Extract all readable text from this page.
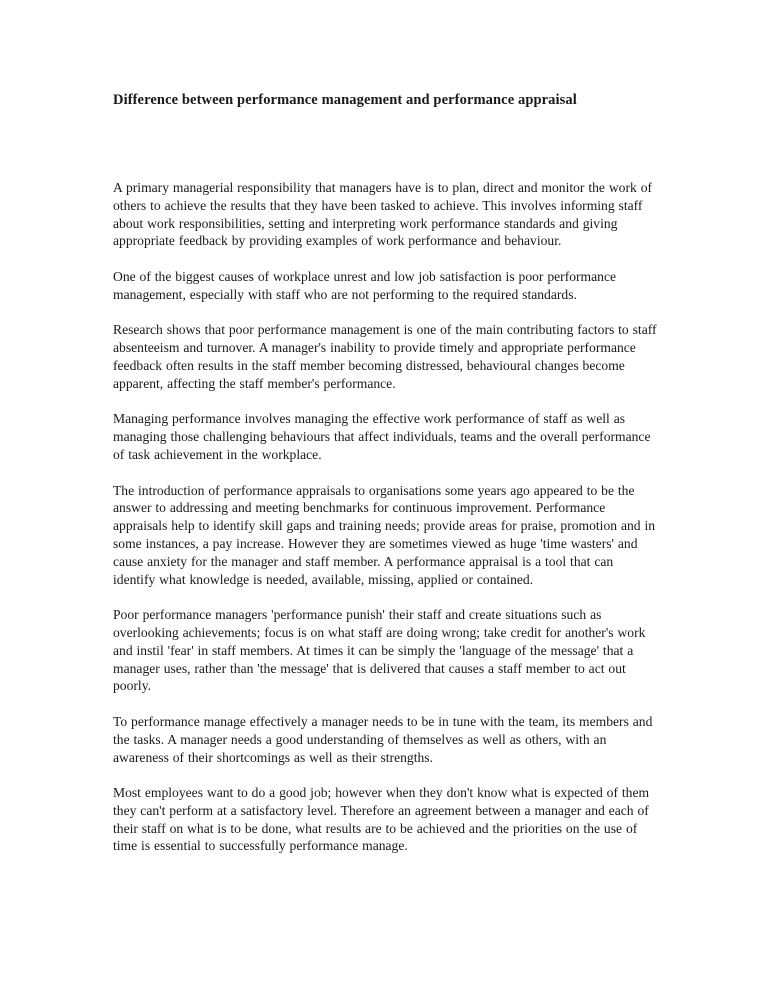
Difference between performance management and performance appraisal

A primary managerial responsibility that managers have is to plan, direct and monitor the work of others to achieve the results that they have been tasked to achieve. This involves informing staff about work responsibilities, setting and interpreting work performance standards and giving appropriate feedback by providing examples of work performance and behaviour.

One of the biggest causes of workplace unrest and low job satisfaction is poor performance management, especially with staff who are not performing to the required standards.

Research shows that poor performance management is one of the main contributing factors to staff absenteeism and turnover. A manager's inability to provide timely and appropriate performance feedback often results in the staff member becoming distressed, behavioural changes become apparent, affecting the staff member's performance.

Managing performance involves managing the effective work performance of staff as well as managing those challenging behaviours that affect individuals, teams and the overall performance of task achievement in the workplace.

The introduction of performance appraisals to organisations some years ago appeared to be the answer to addressing and meeting benchmarks for continuous improvement. Performance appraisals help to identify skill gaps and training needs; provide areas for praise, promotion and in some instances, a pay increase. However they are sometimes viewed as huge 'time wasters' and cause anxiety for the manager and staff member. A performance appraisal is a tool that can identify what knowledge is needed, available, missing, applied or contained.

Poor performance managers 'performance punish' their staff and create situations such as overlooking achievements; focus is on what staff are doing wrong; take credit for another's work and instil 'fear' in staff members. At times it can be simply the 'language of the message' that a manager uses, rather than 'the message' that is delivered that causes a staff member to act out poorly.

To performance manage effectively a manager needs to be in tune with the team, its members and the tasks. A manager needs a good understanding of themselves as well as others, with an awareness of their shortcomings as well as their strengths.

Most employees want to do a good job; however when they don't know what is expected of them they can't perform at a satisfactory level. Therefore an agreement between a manager and each of their staff on what is to be done, what results are to be achieved and the priorities on the use of time is essential to successfully performance manage.
